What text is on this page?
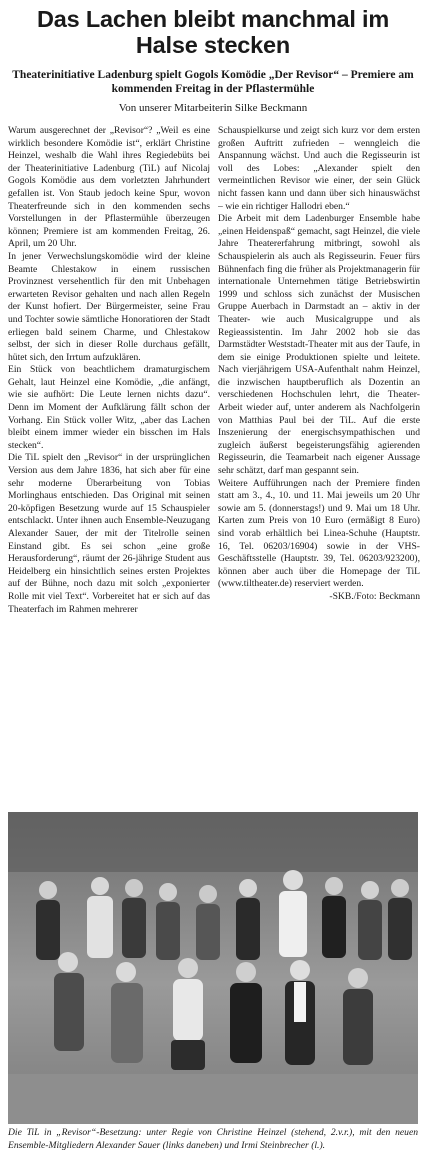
Das Lachen bleibt manchmal im Halse stecken
Theaterinitiative Ladenburg spielt Gogols Komödie „Der Revisor“ – Premiere am kommenden Freitag in der Pflastermühle
Von unserer Mitarbeiterin Silke Beckmann

Warum ausgerechnet der „Revisor“? „Weil es eine wirklich besondere Komödie ist“, erklärt Christine Heinzel, weshalb die Wahl ihres Regiedebüts bei der Theaterinitiative Ladenburg (TiL) auf Nicolaj Gogols Komödie aus dem vorletzten Jahrhundert gefallen ist. Von Staub jedoch keine Spur, wovon Theaterfreunde sich in den kommenden sechs Vorstellungen in der Pflastermühle überzeugen können; Premiere ist am kommenden Freitag, 26. April, um 20 Uhr.

In jener Verwechslungskomödie wird der kleine Beamte Chlestakow in einem russischen Provinznest versehentlich für den mit Unbehagen erwarteten Revisor gehalten und nach allen Regeln der Kunst hofiert. Der Bürgermeister, seine Frau und Tochter sowie sämtliche Honoratioren der Stadt erliegen bald seinem Charme, und Chlestakow selbst, der sich in dieser Rolle durchaus gefällt, hütet sich, den Irrtum aufzuklären.

Ein Stück von beachtlichem dramaturgischem Gehalt, laut Heinzel eine Komödie, „die anfängt, wie sie aufhört: Die Leute lernen nichts dazu“. Denn im Moment der Aufklärung fällt schon der Vorhang. Ein Stück voller Witz, „aber das Lachen bleibt einem immer wieder ein bisschen im Hals stecken“.

Die TiL spielt den „Revisor“ in der ursprünglichen Version aus dem Jahre 1836, hat sich aber für eine sehr moderne Überarbeitung von Tobias Morlinghaus entschieden. Das Original mit seinen 20-köpfigen Besetzung wurde auf 15 Schauspieler entschlackt. Unter ihnen auch Ensemble-Neuzugang Alexander Sauer, der mit der Titelrolle seinen Einstand gibt. Es sei schon „eine große Herausforderung“, räumt der 26-jährige Student aus Heidelberg ein hinsichtlich seines ersten Projektes auf der Bühne, noch dazu mit solch „exponierter Rolle mit viel Text“. Vorbereitet hat er sich auf das Theaterfach im Rahmen mehrerer

Schauspielkurse und zeigt sich kurz vor dem ersten großen Auftritt zufrieden – wenngleich die Anspannung wächst. Und auch die Regisseurin ist voll des Lobes: „Alexander spielt den vermeintlichen Revisor wie einer, der sein Glück nicht fassen kann und dann über sich hinauswächst – wie ein richtiger Hallodri eben.“

Die Arbeit mit dem Ladenburger Ensemble habe „einen Heidenspaß“ gemacht, sagt Heinzel, die viele Jahre Theatererfahrung mitbringt, sowohl als Schauspielerin als auch als Regisseurin. Feuer fürs Bühnenfach fing die früher als Projektmanagerin für internationale Unternehmen tätige Betriebswirtin 1999 und schloss sich zunächst der Musischen Gruppe Auerbach in Darmstadt an – aktiv in der Theater- wie auch Musicalgruppe und als Regieassistentin. Im Jahr 2002 hob sie das Darmstädter Weststadt-Theater mit aus der Taufe, in dem sie einige Produktionen spielte und leitete. Nach vierjährigem USA-Aufenthalt nahm Heinzel, die inzwischen hauptberuflich als Dozentin an verschiedenen Hochschulen lehrt, die Theater-Arbeit wieder auf, unter anderem als Nachfolgerin von Matthias Paul bei der TiL. Auf die erste Inszenierung der energischsympathischen und zugleich äußerst begeisterungsfähig agierenden Regisseurin, die Teamarbeit nach eigener Aussage sehr schätzt, darf man gespannt sein.

Weitere Aufführungen nach der Premiere finden statt am 3., 4., 10. und 11. Mai jeweils um 20 Uhr sowie am 5. (donnerstags!) und 9. Mai um 18 Uhr. Karten zum Preis von 10 Euro (ermäßigt 8 Euro) sind vorab erhältlich bei Linea-Schuhe (Hauptstr. 16, Tel. 06203/16904) sowie in der VHS-Geschäftsstelle (Hauptstr. 39, Tel. 06203/923200), können aber auch über die Homepage der TiL (www.tiltheater.de) reserviert werden.

-SKB./Foto: Beckmann

Die TiL in „Revisor“-Besetzung: unter Regie von Christine Heinzel (stehend, 2.v.r.), mit den neuen Ensemble-Mitgliedern Alexander Sauer (links daneben) und Irmi Steinbrecher (l.).
